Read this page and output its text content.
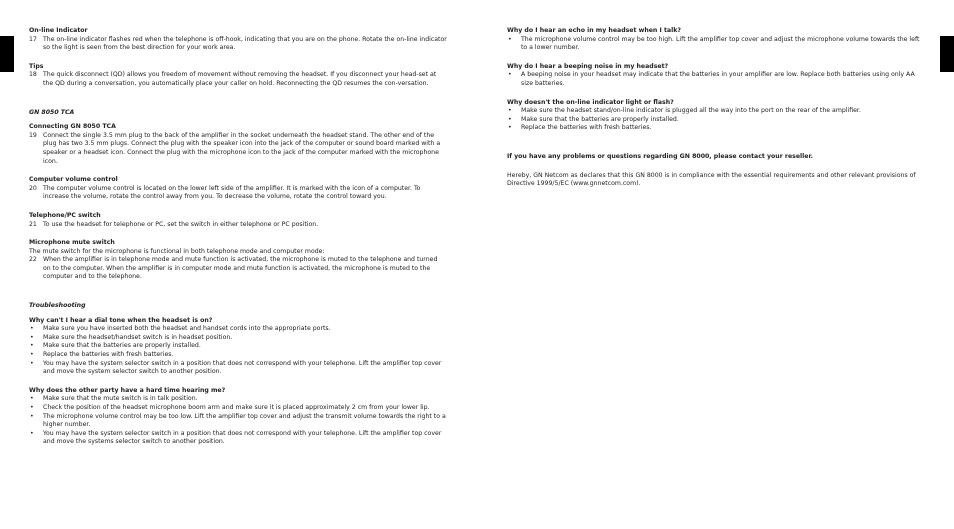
On-line Indicator
17 The on-line indicator flashes red when the telephone is off-hook, indicating that you are on the phone. Rotate the on-line indicator so the light is seen from the best direction for your work area.

Tips
18 The quick disconnect (QD) allows you freedom of movement without removing the headset. If you disconnect your head-set at the QD during a conversation, you automatically place your caller on hold. Reconnecting the QD resumes the con-versation.

GN 8050 TCA
Connecting GN 8050 TCA
19 Connect the single 3.5 mm plug to the back of the amplifier in the socket underneath the headset stand. The other end of the plug has two 3.5 mm plugs. Connect the plug with the speaker icon into the jack of the computer or sound board marked with a speaker or a headset icon. Connect the plug with the microphone icon to the jack of the computer marked with the microphone icon.

Computer volume control
20 The computer volume control is located on the lower left side of the amplifier. It is marked with the icon of a computer. To increase the volume, rotate the control away from you. To decrease the volume, rotate the control toward you.

Telephone/PC switch
21 To use the headset for telephone or PC, set the switch in either telephone or PC position.

Microphone mute switch

The mute switch for the microphone is functional in both telephone mode and computer mode:

22 When the amplifier is in telephone mode and mute function is activated, the microphone is muted to the telephone and turned on to the computer. When the amplifier is in computer mode and mute function is activated, the microphone is muted to the computer and to the telephone.

Troubleshooting
Why can't I hear a dial tone when the headset is on?
• Make sure you have inserted both the headset and handset cords into the appropriate ports.

• Make sure the headset/handset switch is in headset position.

• Make sure that the batteries are properly installed.

• Replace the batteries with fresh batteries.

• You may have the system selector switch in a position that does not correspond with your telephone. Lift the amplifier top cover and move the system selector switch to another position.

Why does the other party have a hard time hearing me?
• Make sure that the mute switch is in talk position.

• Check the position of the headset microphone boom arm and make sure it is placed approximately 2 cm from your lower lip.

• The microphone volume control may be too low. Lift the amplifier top cover and adjust the transmit volume towards the right to a higher number.

• You may have the system selector switch in a position that does not correspond with your telephone. Lift the amplifier top cover and move the systems selector switch to another position.

Why do I hear an echo in my headset when I talk?
• The microphone volume control may be too high. Lift the amplifier top cover and adjust the microphone volume towards the left to a lower number.

Why do I hear a beeping noise in my headset?
• A beeping noise in your headset may indicate that the batteries in your amplifier are low. Replace both batteries using only AA size batteries.

Why doesn't the on-line indicator light or flash?
• Make sure the headset stand/on-line indicator is plugged all the way into the port on the rear of the amplifier.

• Make sure that the batteries are properly installed.

• Replace the batteries with fresh batteries.

If you have any problems or questions regarding GN 8000, please contact your reseller.

Hereby, GN Netcom as declares that this GN 8000 is in compliance with the essential requirements and other relevant provisions of Directive 1999/5/EC (www.gnnetcom.com).
